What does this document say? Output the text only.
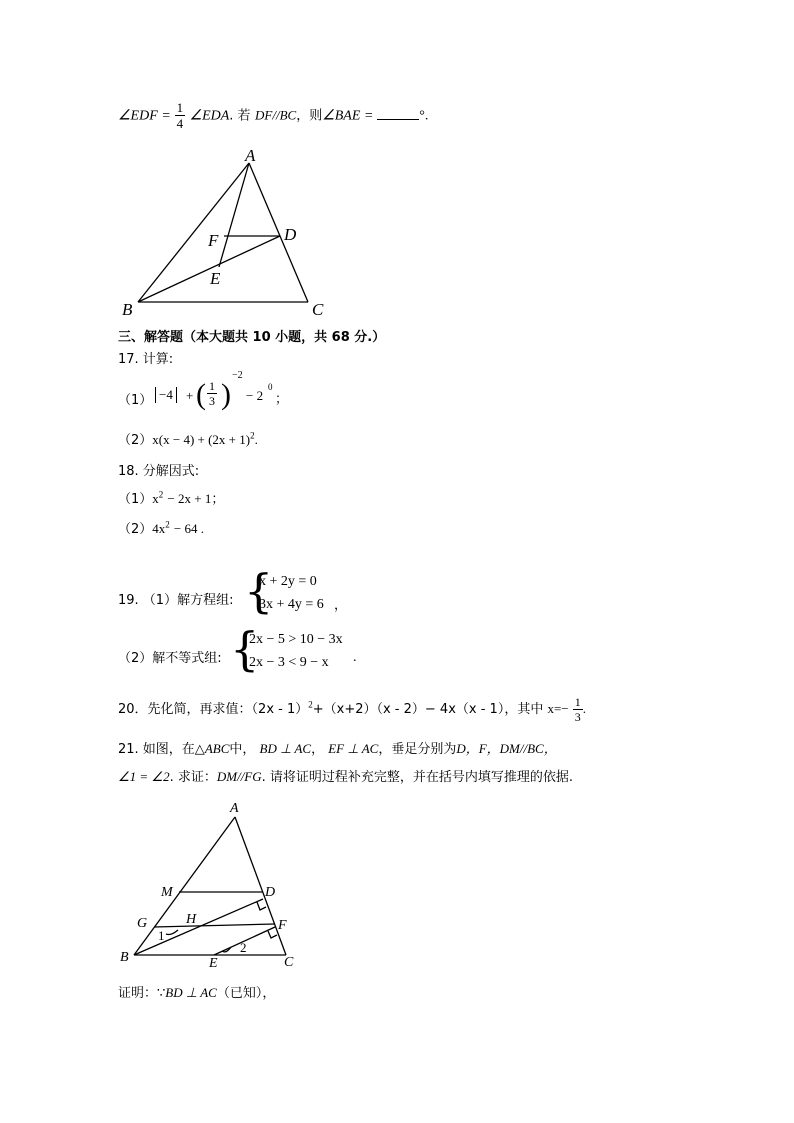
∠EDF = $\frac{1}{4}$ ∠EDA. 若 DF//BC，则∠BAE =	°.
A
B	C
D
E
F
三、解答题（本大题共 10 小题，共 68 分.）
17. 计算:
（1） −4	+ ( $\frac{1}{3}$ )
−2
− 2
0
；
$(2)x(x - 4) + (2x + 1)^2$.
18. 分解因式:
$(1)x^2 - 2x + 1$；
$(2)4x^2 - 64$ .
19. （1）解方程组: {
x + 2y = 0
3x + 4y = 6 ，
（2）解不等式组: {
2x − 5 > 10 − 3x
2x − 3 < 9 − x .
20．先化简，再求值：（2x - 1）$^2$+（x+2）（x - 2）− 4x（x - 1），其中 $x=- \frac{1}{3}$ .
21. 如图，在△ABC中， BD ⊥ AC， EF ⊥ AC，垂足分别为D，F，DM//BC，
∠1 = ∠2. 求证：DM//FG. 请将证明过程补充完整，并在括号内填写推理的依据.
A
M	D
G	H	F
B	E	C
1
2
证明：∵BD ⊥ AC（已知），
